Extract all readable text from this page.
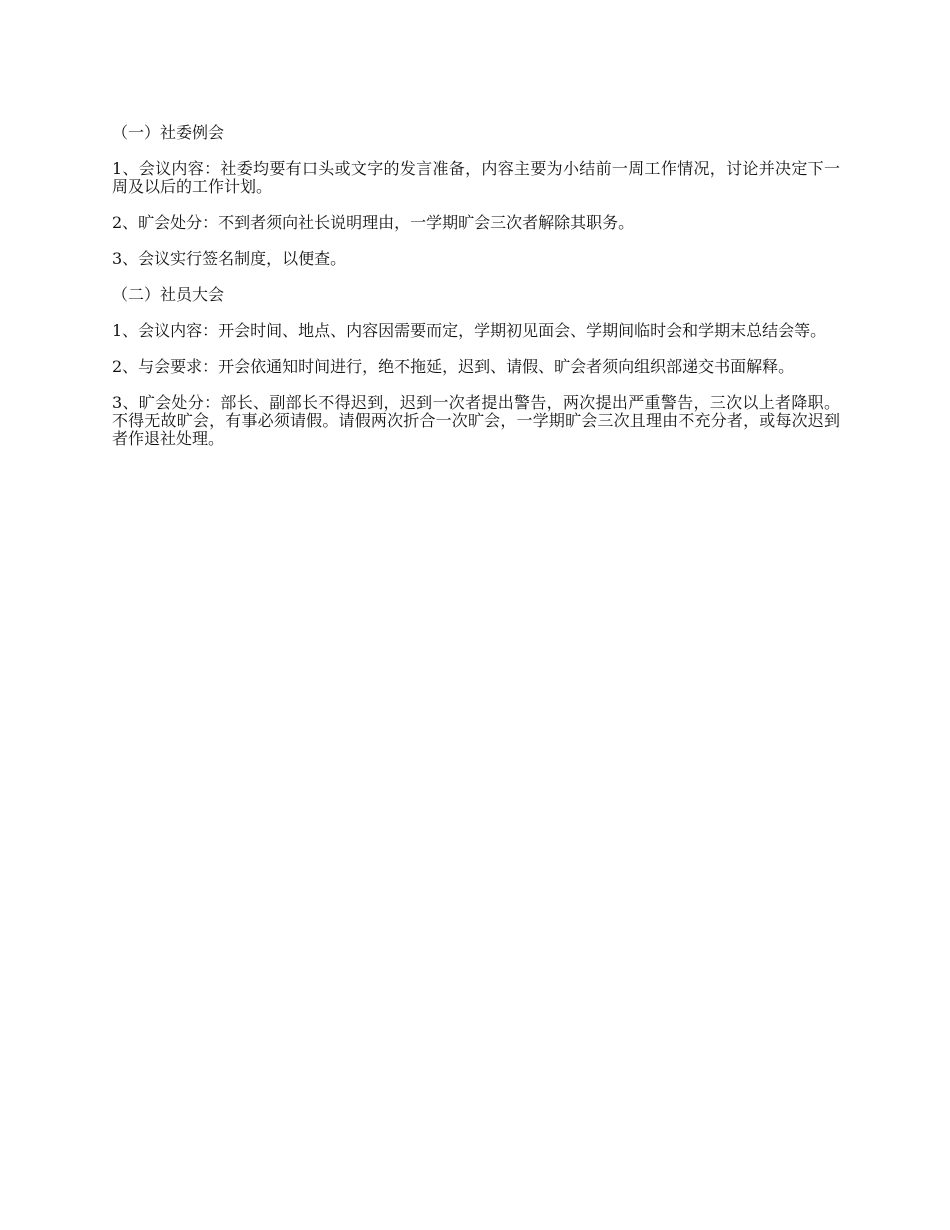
（一）社委例会

1、会议内容：社委均要有口头或文字的发言准备，内容主要为小结前一周工作情况，讨论并决定下一周及以后的工作计划。

2、旷会处分：不到者须向社长说明理由，一学期旷会三次者解除其职务。

3、会议实行签名制度，以便查。

（二）社员大会

1、会议内容：开会时间、地点、内容因需要而定，学期初见面会、学期间临时会和学期末总结会等。

2、与会要求：开会依通知时间进行，绝不拖延，迟到、请假、旷会者须向组织部递交书面解释。

3、旷会处分：部长、副部长不得迟到，迟到一次者提出警告，两次提出严重警告，三次以上者降职。不得无故旷会，有事必须请假。请假两次折合一次旷会，一学期旷会三次且理由不充分者，或每次迟到者作退社处理。
